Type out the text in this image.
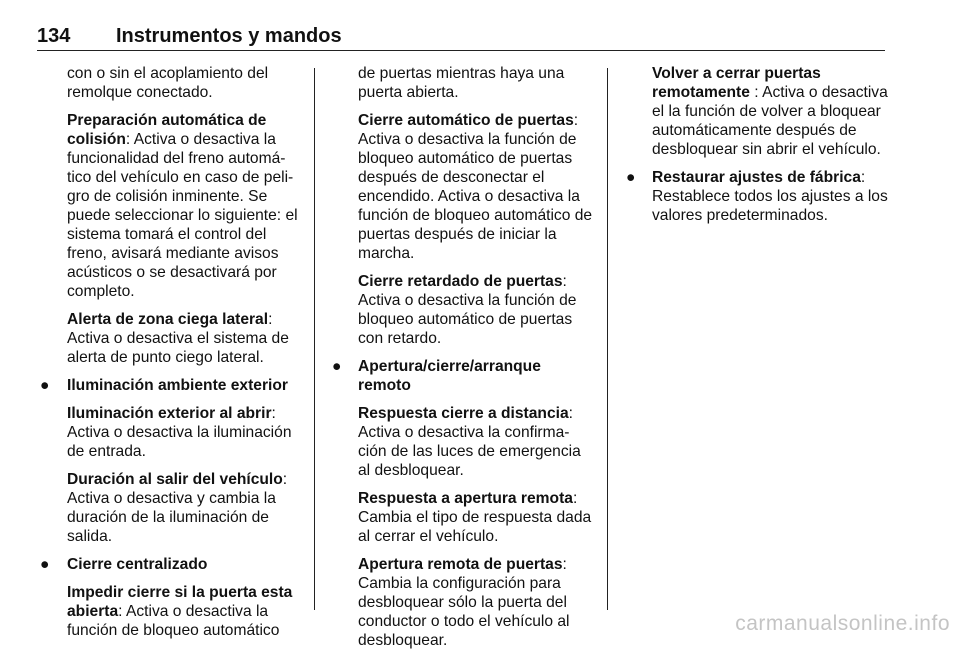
134 Instrumentos y mandos

con o sin el acoplamiento del remolque conectado.

Preparación automática de colisión: Activa o desactiva la funcionalidad del freno automá‐tico del vehículo en caso de peli‐gro de colisión inminente. Se puede seleccionar lo siguiente: el sistema tomará el control del freno, avisará mediante avisos acústicos o se desactivará por completo.

Alerta de zona ciega lateral: Activa o desactiva el sistema de alerta de punto ciego lateral.

● Iluminación ambiente exterior

Iluminación exterior al abrir: Activa o desactiva la iluminación de entrada.

Duración al salir del vehículo: Activa o desactiva y cambia la duración de la iluminación de salida.

● Cierre centralizado

Impedir cierre si la puerta esta abierta: Activa o desactiva la función de bloqueo automático

de puertas mientras haya una puerta abierta.

Cierre automático de puertas: Activa o desactiva la función de bloqueo automático de puertas después de desconectar el encendido. Activa o desactiva la función de bloqueo automático de puertas después de iniciar la marcha.

Cierre retardado de puertas: Activa o desactiva la función de bloqueo automático de puertas con retardo.

● Apertura/cierre/arranque remoto

Respuesta cierre a distancia: Activa o desactiva la confirma‐ción de las luces de emergencia al desbloquear.

Respuesta a apertura remota: Cambia el tipo de respuesta dada al cerrar el vehículo.

Apertura remota de puertas: Cambia la configuración para desbloquear sólo la puerta del conductor o todo el vehículo al desbloquear.

Volver a cerrar puertas remotamente : Activa o desactiva el la función de volver a bloquear automáticamente después de desbloquear sin abrir el vehículo.

● Restaurar ajustes de fábrica: Restablece todos los ajustes a los valores predeterminados.
carmanualsonline.info
